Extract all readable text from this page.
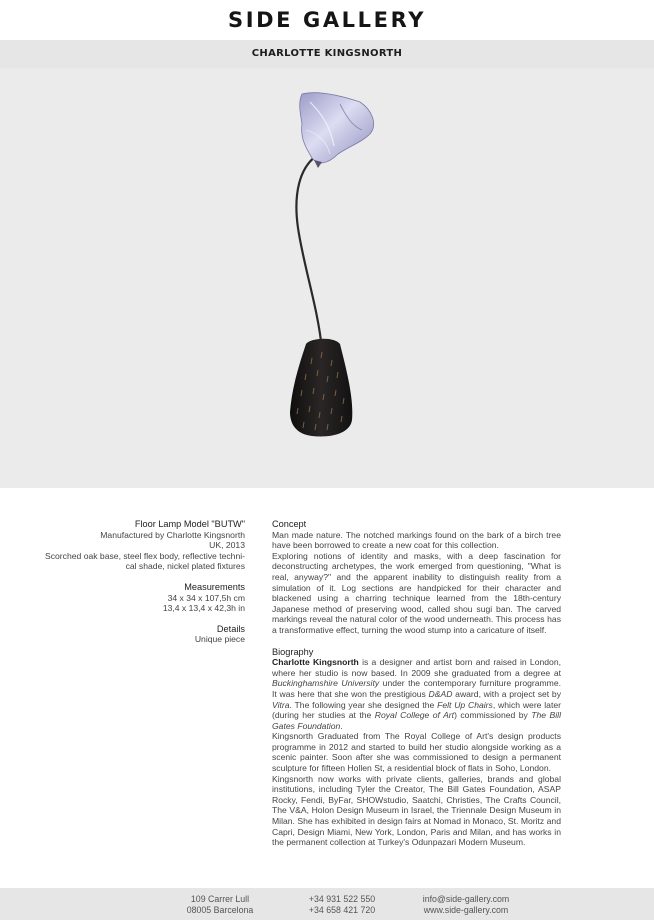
SIDE GALLERY
CHARLOTTE KINGSNORTH
Floor Lamp Model "BUTW"
Manufactured by Charlotte Kingsnorth
UK, 2013
Scorched oak base, steel flex body, reflective techni-
cal shade, nickel plated fixtures
Measurements
34 x 34 x 107,5h cm
13,4 x 13,4 x 42,3h in
Details
Unique piece
Concept

Man made nature. The notched markings found on the bark of a birch tree have been borrowed to create a new coat for this collection.

Exploring notions of identity and masks, with a deep fascination for deconstructing archetypes, the work emerged from questioning, "What is real, anyway?" and the apparent inability to distinguish reality from a simulation of it. Log sections are handpicked for their character and blackened using a charring technique learned from the 18th-century Japanese method of preserving wood, called shou sugi ban. The carved markings reveal the natural color of the wood underneath. This process has a transformative effect, turning the wood stump into a caricature of itself.

Biography

Charlotte Kingsnorth is a designer and artist born and raised in London, where her studio is now based. In 2009 she graduated from a degree at Buckinghamshire University under the contemporary furniture programme. It was here that she won the prestigious D&AD award, with a project set by Vitra. The following year she designed the Felt Up Chairs, which were later (during her studies at the Royal College of Art) commissioned by The Bill Gates Foundation.

Kingsnorth Graduated from The Royal College of Art's design products programme in 2012 and started to build her studio alongside working as a scenic painter. Soon after she was commissioned to design a permanent sculpture for fifteen Hollen St, a residential block of flats in Soho, London.

Kingsnorth now works with private clients, galleries, brands and global institutions, including Tyler the Creator, The Bill Gates Foundation, ASAP Rocky, Fendi, ByFar, SHOWstudio, Saatchi, Christies, The Crafts Council, The V&A, Holon Design Museum in Israel, the Triennale Design Museum in Milan. She has exhibited in design fairs at Nomad in Monaco, St. Moritz and Capri, Design Miami, New York, London, Paris and Milan, and has works in the permanent collection at Turkey's Odunpazari Modern Museum.

109 Carrer Lull
08005 Barcelona
+34 931 522 550
+34 658 421 720
info@side-gallery.com
www.side-gallery.com
